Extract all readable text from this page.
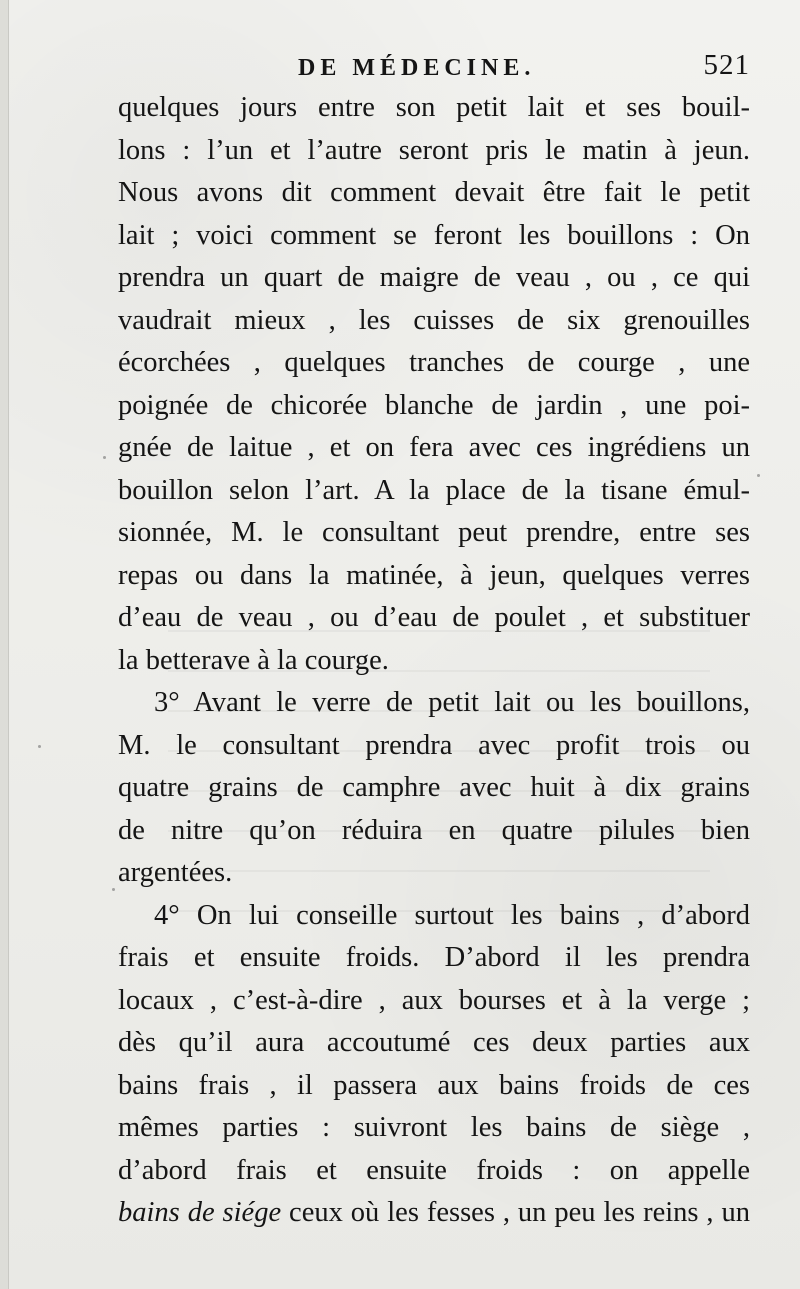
DE MÉDECINE.	521
quelques jours entre son petit lait et ses bouil-
lons : l’un et l’autre seront pris le matin à jeun.
Nous avons dit comment devait être fait le petit
lait ; voici comment se feront les bouillons : On
prendra un quart de maigre de veau , ou , ce qui
vaudrait mieux , les cuisses de six grenouilles
écorchées , quelques tranches de courge , une
poignée de chicorée blanche de jardin , une poi-
gnée de laitue , et on fera avec ces ingrédiens un
bouillon selon l’art. A la place de la tisane émul-
sionnée, M. le consultant peut prendre, entre ses
repas ou dans la matinée, à jeun, quelques verres
d’eau de veau , ou d’eau de poulet , et substituer
la betterave à la courge.
3° Avant le verre de petit lait ou les bouillons,
M. le consultant prendra avec profit trois ou
quatre grains de camphre avec huit à dix grains
de nitre qu’on réduira en quatre pilules bien
argentées.
4° On lui conseille surtout les bains , d’abord
frais et ensuite froids. D’abord il les prendra
locaux , c’est-à-dire , aux bourses et à la verge ;
dès qu’il aura accoutumé ces deux parties aux
bains frais , il passera aux bains froids de ces
mêmes parties : suivront les bains de siège ,
d’abord frais et ensuite froids : on appelle
bains de siége ceux où les fesses , un peu les reins , un
